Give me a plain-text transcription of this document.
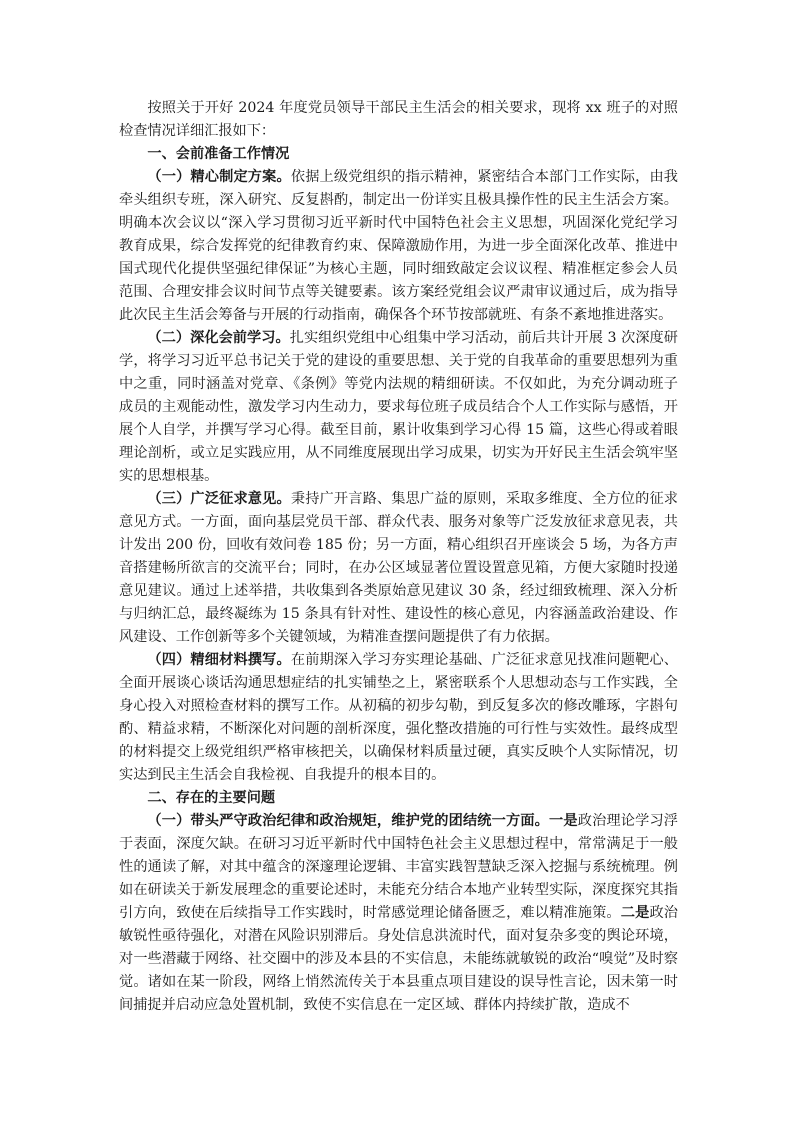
按照关于开好 2024 年度党员领导干部民主生活会的相关要求，现将 xx 班子的对照检查情况详细汇报如下：

一、会前准备工作情况

（一）精心制定方案。依据上级党组织的指示精神，紧密结合本部门工作实际，由我牵头组织专班，深入研究、反复斟酌，制定出一份详实且极具操作性的民主生活会方案。明确本次会议以“深入学习贯彻习近平新时代中国特色社会主义思想，巩固深化党纪学习教育成果，综合发挥党的纪律教育约束、保障激励作用，为进一步全面深化改革、推进中国式现代化提供坚强纪律保证”为核心主题，同时细致敲定会议议程、精准框定参会人员范围、合理安排会议时间节点等关键要素。该方案经党组会议严肃审议通过后，成为指导此次民主生活会筹备与开展的行动指南，确保各个环节按部就班、有条不紊地推进落实。

（二）深化会前学习。扎实组织党组中心组集中学习活动，前后共计开展 3 次深度研学，将学习习近平总书记关于党的建设的重要思想、关于党的自我革命的重要思想列为重中之重，同时涵盖对党章、《条例》等党内法规的精细研读。不仅如此，为充分调动班子成员的主观能动性，激发学习内生动力，要求每位班子成员结合个人工作实际与感悟，开展个人自学，并撰写学习心得。截至目前，累计收集到学习心得 15 篇，这些心得或着眼理论剖析，或立足实践应用，从不同维度展现出学习成果，切实为开好民主生活会筑牢坚实的思想根基。

（三）广泛征求意见。秉持广开言路、集思广益的原则，采取多维度、全方位的征求意见方式。一方面，面向基层党员干部、群众代表、服务对象等广泛发放征求意见表，共计发出 200 份，回收有效问卷 185 份；另一方面，精心组织召开座谈会 5 场，为各方声音搭建畅所欲言的交流平台；同时，在办公区域显著位置设置意见箱，方便大家随时投递意见建议。通过上述举措，共收集到各类原始意见建议 30 条，经过细致梳理、深入分析与归纳汇总，最终凝练为 15 条具有针对性、建设性的核心意见，内容涵盖政治建设、作风建设、工作创新等多个关键领域，为精准查摆问题提供了有力依据。

（四）精细材料撰写。在前期深入学习夯实理论基础、广泛征求意见找准问题靶心、全面开展谈心谈话沟通思想症结的扎实铺垫之上，紧密联系个人思想动态与工作实践，全身心投入对照检查材料的撰写工作。从初稿的初步勾勒，到反复多次的修改雕琢，字斟句酌、精益求精，不断深化对问题的剖析深度，强化整改措施的可行性与实效性。最终成型的材料提交上级党组织严格审核把关，以确保材料质量过硬，真实反映个人实际情况，切实达到民主生活会自我检视、自我提升的根本目的。

二、存在的主要问题

（一）带头严守政治纪律和政治规矩，维护党的团结统一方面。一是政治理论学习浮于表面，深度欠缺。在研习习近平新时代中国特色社会主义思想过程中，常常满足于一般性的通读了解，对其中蕴含的深邃理论逻辑、丰富实践智慧缺乏深入挖掘与系统梳理。例如在研读关于新发展理念的重要论述时，未能充分结合本地产业转型实际，深度探究其指引方向，致使在后续指导工作实践时，时常感觉理论储备匮乏，难以精准施策。二是政治敏锐性亟待强化，对潜在风险识别滞后。身处信息洪流时代，面对复杂多变的舆论环境，对一些潜藏于网络、社交圈中的涉及本县的不实信息，未能练就敏锐的政治“嗅觉”及时察觉。诸如在某一阶段，网络上悄然流传关于本县重点项目建设的误导性言论，因未第一时间捕捉并启动应急处置机制，致使不实信息在一定区域、群体内持续扩散，造成不
